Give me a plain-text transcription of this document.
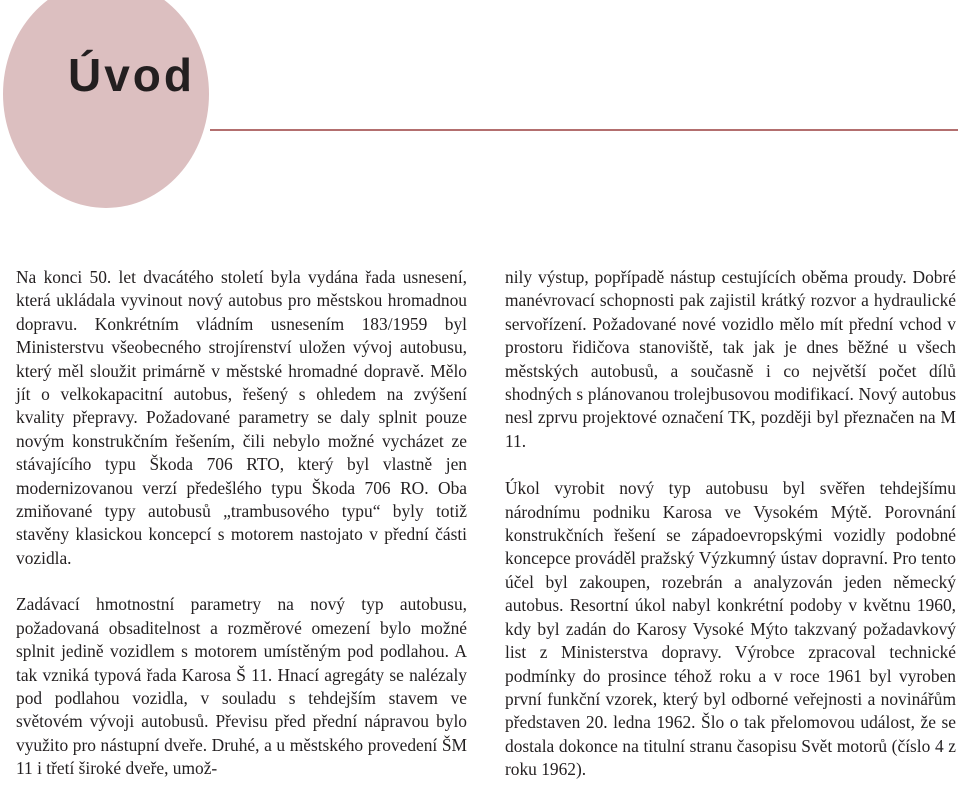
Úvod

Na konci 50. let dvacátého století byla vydána řada usnesení, která ukládala vyvinout nový autobus pro městskou hromadnou dopravu. Konkrétním vládním usnesením 183/1959 byl Ministerstvu všeobecného strojírenství uložen vývoj autobusu, který měl sloužit primárně v městské hromadné dopravě. Mělo jít o velkokapacitní autobus, řešený s ohledem na zvýšení kvality přepravy. Požadované parametry se daly splnit pouze novým konstrukčním řešením, čili nebylo možné vycházet ze stávajícího typu Škoda 706 RTO, který byl vlastně jen modernizovanou verzí předešlého typu Škoda 706 RO. Oba zmiňované typy autobusů „trambusového typu“ byly totiž stavěny klasickou koncepcí s motorem nastojato v přední části vozidla.

Zadávací hmotnostní parametry na nový typ autobusu, požadovaná obsaditelnost a rozměrové omezení bylo možné splnit jedině vozidlem s motorem umístěným pod podlahou. A tak vzniká typová řada Karosa Š 11. Hnací agregáty se nalézaly pod podlahou vozidla, v souladu s tehdejším stavem ve světovém vývoji autobusů. Převisu před přední nápravou bylo využito pro nástupní dveře. Druhé, a u městského provedení ŠM 11 i třetí široké dveře, umož-

nily výstup, popřípadě nástup cestujících oběma proudy. Dobré manévrovací schopnosti pak zajistil krátký rozvor a hydraulické servořízení. Požadované nové vozidlo mělo mít přední vchod v prostoru řidičova stanoviště, tak jak je dnes běžné u všech městských autobusů, a současně i co největší počet dílů shodných s plánovanou trolejbusovou modifikací. Nový autobus nesl zprvu projektové označení TK, později byl přeznačen na M 11.

Úkol vyrobit nový typ autobusu byl svěřen tehdejšímu národnímu podniku Karosa ve Vysokém Mýtě. Porovnání konstrukčních řešení se západoevropskými vozidly podobné koncepce prováděl pražský Výzkumný ústav dopravní. Pro tento účel byl zakoupen, rozebrán a analyzován jeden německý autobus. Resortní úkol nabyl konkrétní podoby v květnu 1960, kdy byl zadán do Karosy Vysoké Mýto takzvaný požadavkový list z Ministerstva dopravy. Výrobce zpracoval technické podmínky do prosince téhož roku a v roce 1961 byl vyroben první funkční vzorek, který byl odborné veřejnosti a novinářům představen 20. ledna 1962. Šlo o tak přelomovou událost, že se dostala dokonce na titulní stranu časopisu Svět motorů (číslo 4 z roku 1962).
